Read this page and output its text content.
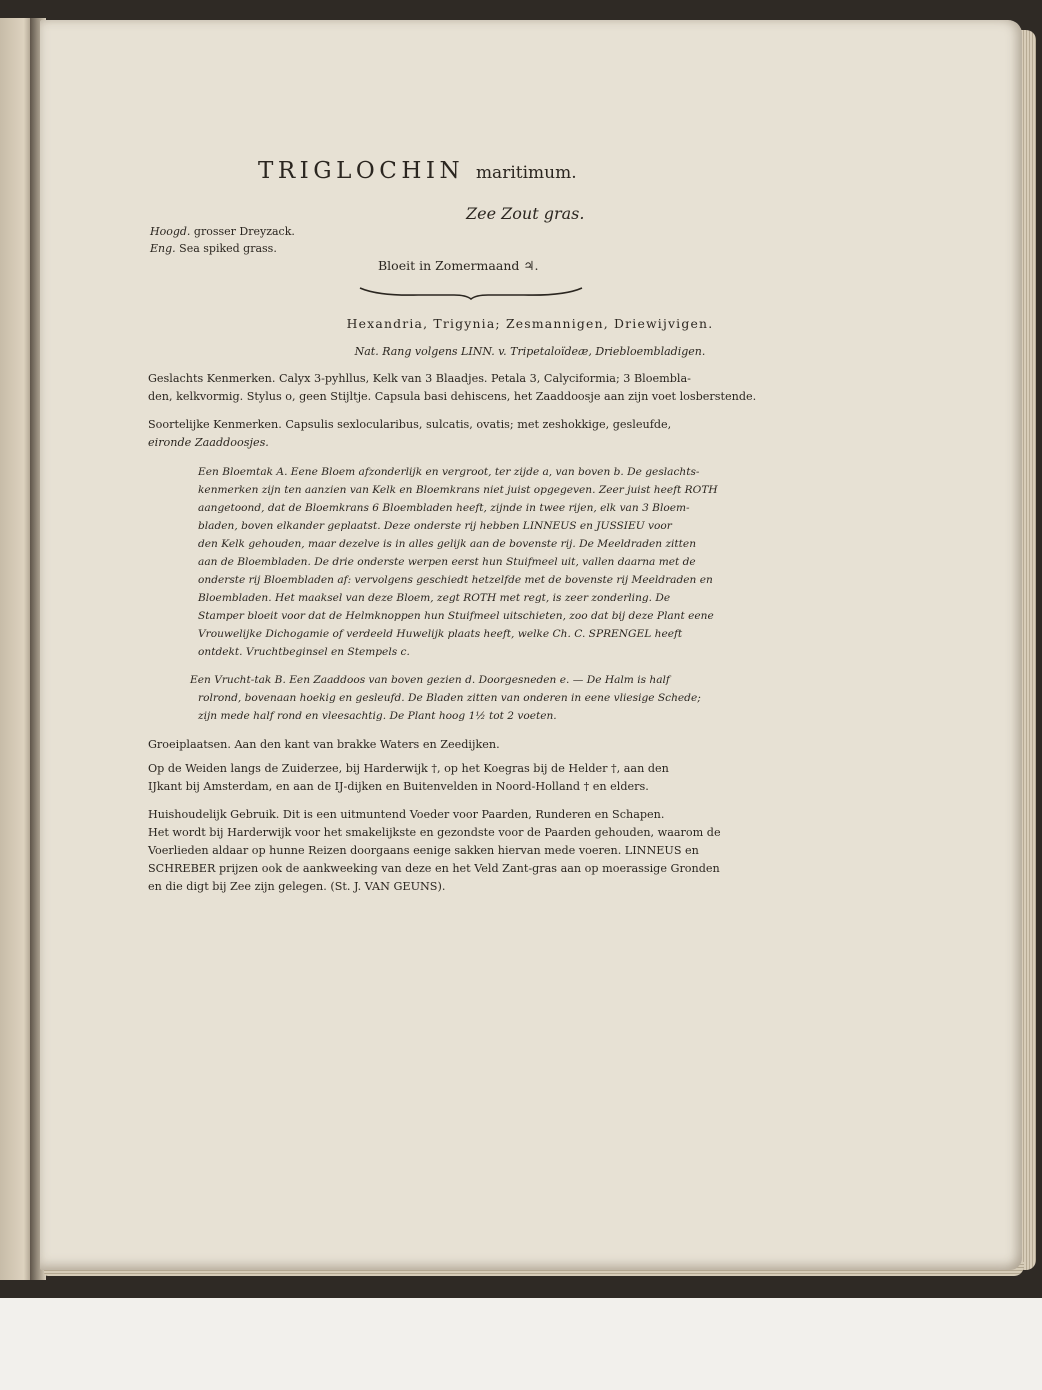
TRIGLOCHIN maritimum.
Zee Zout gras.
Hoogd. grosser Dreyzack.
Eng. Sea spiked grass.
Bloeit in Zomermaand ♃.
Hexandria, Trigynia; Zesmannigen, Driewijvigen.
Nat. Rang volgens LINN. v. Tripetaloïdeæ, Driebloembladigen.
Geslachts Kenmerken. Calyx 3-pyhllus, Kelk van 3 Blaadjes. Petala 3, Calyciformia; 3 Bloembla-
den, kelkvormig. Stylus o, geen Stijltje. Capsula basi dehiscens, het Zaaddoosje aan zijn voet losberstende.
Soortelijke Kenmerken. Capsulis sexlocularibus, sulcatis, ovatis; met zeshokkige, gesleufde,
eironde Zaaddoosjes.
Een Bloemtak A. Eene Bloem afzonderlijk en vergroot, ter zijde a, van boven b. De geslachts-
kenmerken zijn ten aanzien van Kelk en Bloemkrans niet juist opgegeven. Zeer juist heeft ROTH
aangetoond, dat de Bloemkrans 6 Bloembladen heeft, zijnde in twee rijen, elk van 3 Bloem-
bladen, boven elkander geplaatst. Deze onderste rij hebben LINNEUS en JUSSIEU voor
den Kelk gehouden, maar dezelve is in alles gelijk aan de bovenste rij. De Meeldraden zitten
aan de Bloembladen. De drie onderste werpen eerst hun Stuifmeel uit, vallen daarna met de
onderste rij Bloembladen af: vervolgens geschiedt hetzelfde met de bovenste rij Meeldraden en
Bloembladen. Het maaksel van deze Bloem, zegt ROTH met regt, is zeer zonderling. De
Stamper bloeit voor dat de Helmknoppen hun Stuifmeel uitschieten, zoo dat bij deze Plant eene
Vrouwelijke Dichogamie of verdeeld Huwelijk plaats heeft, welke Ch. C. SPRENGEL heeft
ontdekt. Vruchtbeginsel en Stempels c.
Een Vrucht-tak B. Een Zaaddoos van boven gezien d. Doorgesneden e. — De Halm is half
rolrond, bovenaan hoekig en gesleufd. De Bladen zitten van onderen in eene vliesige Schede;
zijn mede half rond en vleesachtig. De Plant hoog 1½ tot 2 voeten.
Groeiplaatsen. Aan den kant van brakke Waters en Zeedijken.
Op de Weiden langs de Zuiderzee, bij Harderwijk †, op het Koegras bij de Helder †, aan den
IJkant bij Amsterdam, en aan de IJ-dijken en Buitenvelden in Noord-Holland † en elders.
Huishoudelijk Gebruik. Dit is een uitmuntend Voeder voor Paarden, Runderen en Schapen.
Het wordt bij Harderwijk voor het smakelijkste en gezondste voor de Paarden gehouden, waarom de
Voerlieden aldaar op hunne Reizen doorgaans eenige sakken hiervan mede voeren. LINNEUS en
SCHREBER prijzen ook de aankweeking van deze en het Veld Zant-gras aan op moerassige Gronden
en die digt bij Zee zijn gelegen. (St. J. VAN GEUNS).
